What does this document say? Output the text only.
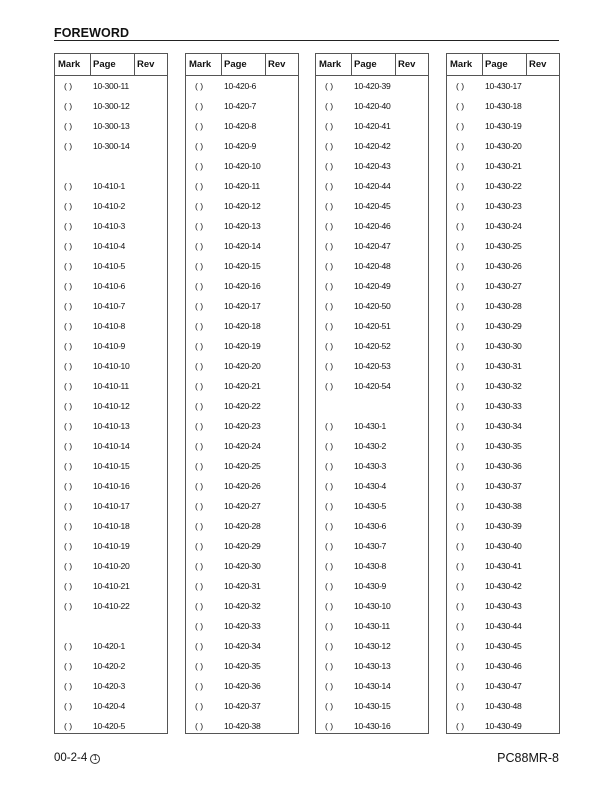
FOREWORD
Mark Page Rev
( ) 10-300-11
( ) 10-300-12
( ) 10-300-13
( ) 10-300-14
( ) 10-410-1
( ) 10-410-2
( ) 10-410-3
( ) 10-410-4
( ) 10-410-5
( ) 10-410-6
( ) 10-410-7
( ) 10-410-8
( ) 10-410-9
( ) 10-410-10
( ) 10-410-11
( ) 10-410-12
( ) 10-410-13
( ) 10-410-14
( ) 10-410-15
( ) 10-410-16
( ) 10-410-17
( ) 10-410-18
( ) 10-410-19
( ) 10-410-20
( ) 10-410-21
( ) 10-410-22
( ) 10-420-1
( ) 10-420-2
( ) 10-420-3
( ) 10-420-4
( ) 10-420-5
Mark Page Rev
( ) 10-420-6
( ) 10-420-7
( ) 10-420-8
( ) 10-420-9
( ) 10-420-10
( ) 10-420-11
( ) 10-420-12
( ) 10-420-13
( ) 10-420-14
( ) 10-420-15
( ) 10-420-16
( ) 10-420-17
( ) 10-420-18
( ) 10-420-19
( ) 10-420-20
( ) 10-420-21
( ) 10-420-22
( ) 10-420-23
( ) 10-420-24
( ) 10-420-25
( ) 10-420-26
( ) 10-420-27
( ) 10-420-28
( ) 10-420-29
( ) 10-420-30
( ) 10-420-31
( ) 10-420-32
( ) 10-420-33
( ) 10-420-34
( ) 10-420-35
( ) 10-420-36
( ) 10-420-37
( ) 10-420-38
Mark Page Rev
( ) 10-420-39
( ) 10-420-40
( ) 10-420-41
( ) 10-420-42
( ) 10-420-43
( ) 10-420-44
( ) 10-420-45
( ) 10-420-46
( ) 10-420-47
( ) 10-420-48
( ) 10-420-49
( ) 10-420-50
( ) 10-420-51
( ) 10-420-52
( ) 10-420-53
( ) 10-420-54
( ) 10-430-1
( ) 10-430-2
( ) 10-430-3
( ) 10-430-4
( ) 10-430-5
( ) 10-430-6
( ) 10-430-7
( ) 10-430-8
( ) 10-430-9
( ) 10-430-10
( ) 10-430-11
( ) 10-430-12
( ) 10-430-13
( ) 10-430-14
( ) 10-430-15
( ) 10-430-16
Mark Page Rev
( ) 10-430-17
( ) 10-430-18
( ) 10-430-19
( ) 10-430-20
( ) 10-430-21
( ) 10-430-22
( ) 10-430-23
( ) 10-430-24
( ) 10-430-25
( ) 10-430-26
( ) 10-430-27
( ) 10-430-28
( ) 10-430-29
( ) 10-430-30
( ) 10-430-31
( ) 10-430-32
( ) 10-430-33
( ) 10-430-34
( ) 10-430-35
( ) 10-430-36
( ) 10-430-37
( ) 10-430-38
( ) 10-430-39
( ) 10-430-40
( ) 10-430-41
( ) 10-430-42
( ) 10-430-43
( ) 10-430-44
( ) 10-430-45
( ) 10-430-46
( ) 10-430-47
( ) 10-430-48
( ) 10-430-49
00-2-4 1	PC88MR-8
